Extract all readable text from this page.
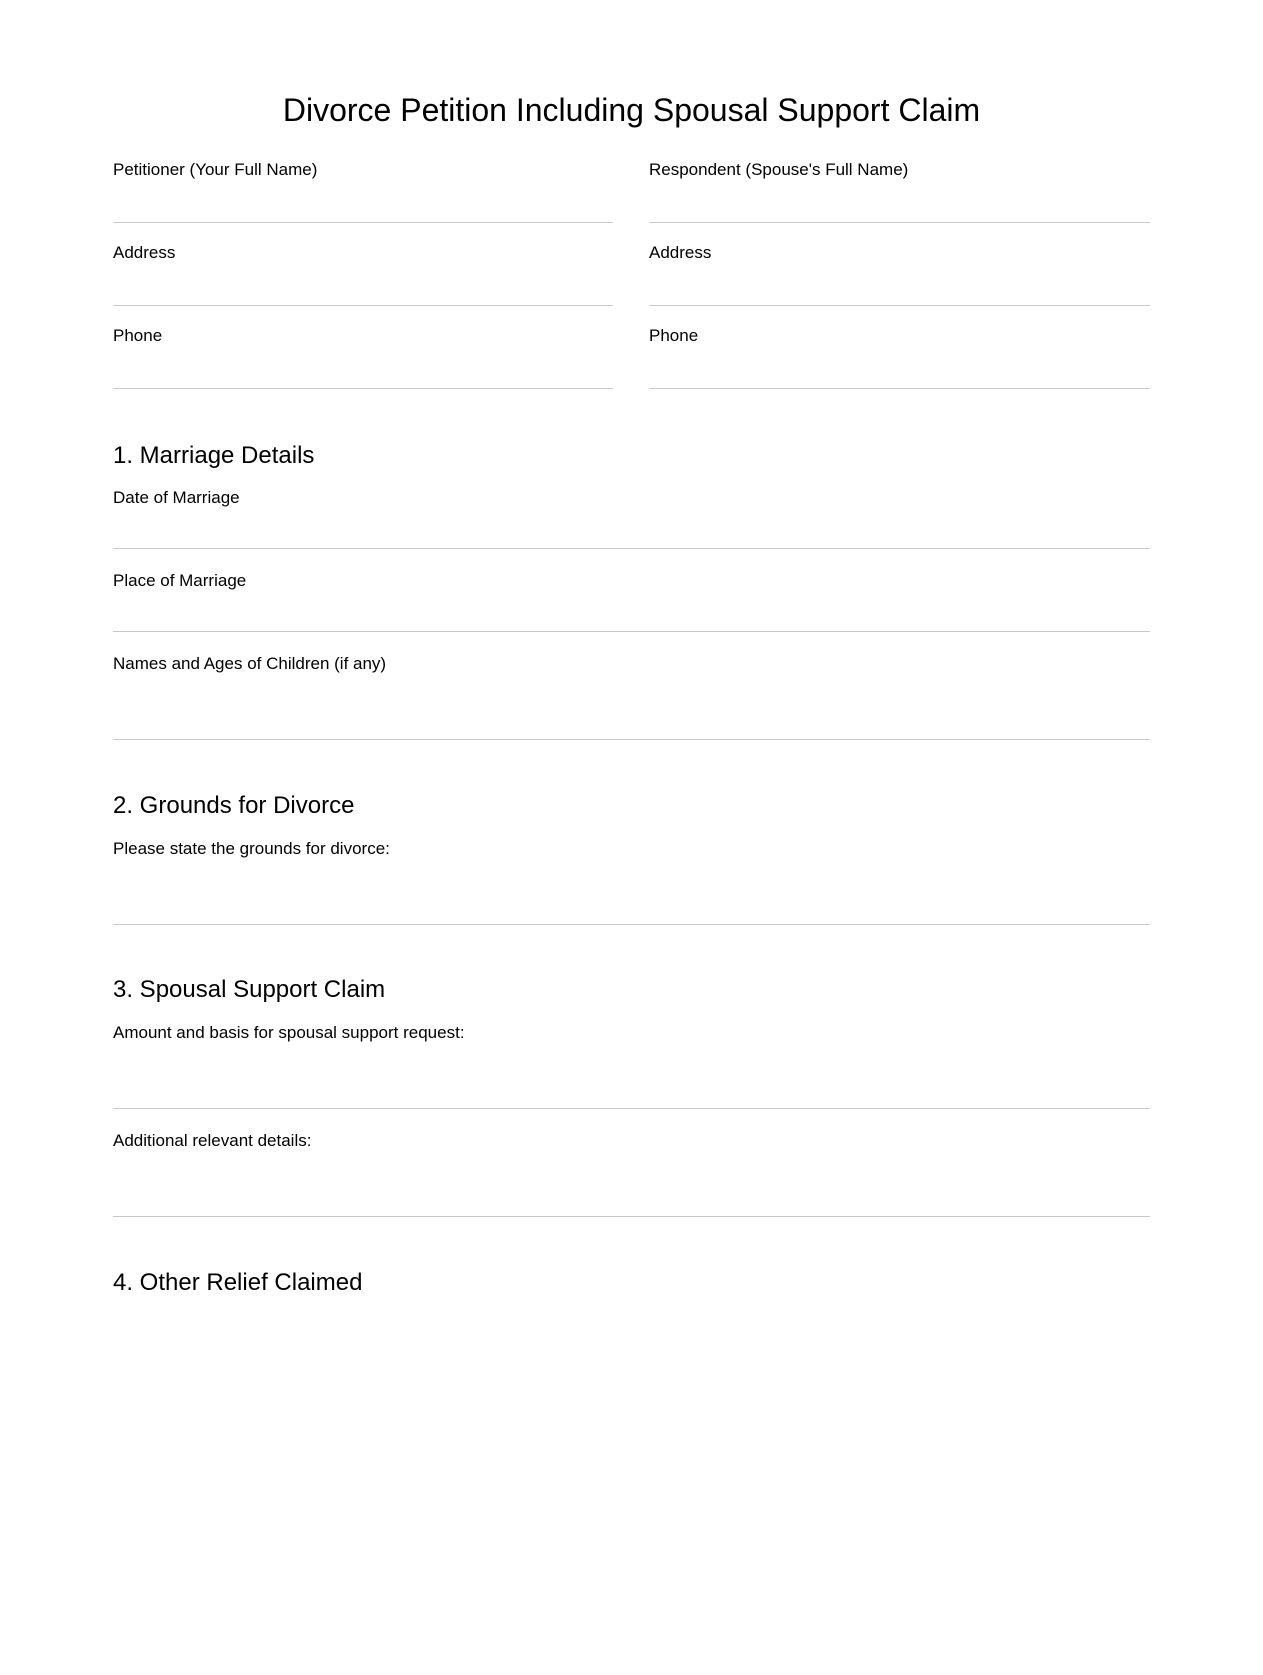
Divorce Petition Including Spousal Support Claim
Petitioner (Your Full Name)	Respondent (Spouse's Full Name)
Address	Address
Phone	Phone
1. Marriage Details
Date of Marriage
Place of Marriage
Names and Ages of Children (if any)
2. Grounds for Divorce
Please state the grounds for divorce:
3. Spousal Support Claim
Amount and basis for spousal support request:
Additional relevant details:
4. Other Relief Claimed
